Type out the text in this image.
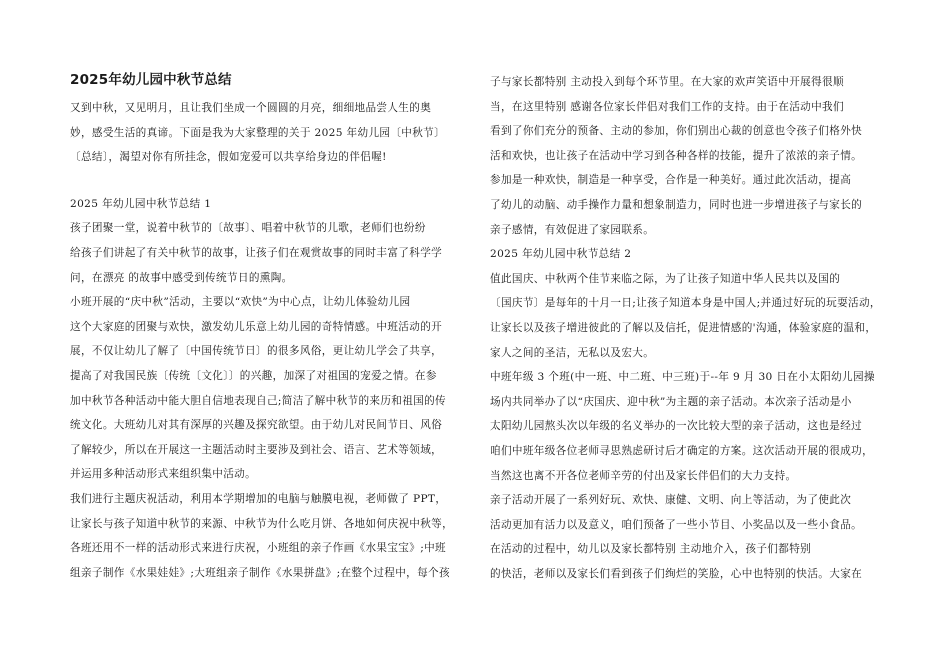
2025年幼儿园中秋节总结
又到中秋，又见明月，且让我们坐成一个圆圆的月亮，细细地品尝人生的奥
妙，感受生活的真谛。下面是我为大家整理的关于 2025 年幼儿园〔中秋节〕
〔总结〕，渴望对你有所挂念，假如宠爱可以共享给身边的伴侣喔!
2025 年幼儿园中秋节总结 1
孩子团聚一堂，说着中秋节的〔故事〕、唱着中秋节的儿歌，老师们也纷纷
给孩子们讲起了有关中秋节的故事，让孩子们在观赏故事的同时丰富了科学学
问，在漂亮 的故事中感受到传统节日的熏陶。
小班开展的“庆中秋”活动，主要以“欢快”为中心点，让幼儿体验幼儿园
这个大家庭的团聚与欢快，激发幼儿乐意上幼儿园的奇特情感。中班活动的开
展，不仅让幼儿了解了〔中国传统节日〕的很多风俗，更让幼儿学会了共享，
提高了对我国民族〔传统〔文化〕〕的兴趣，加深了对祖国的宠爱之情。在参
加中秋节各种活动中能大胆自信地表现自己;简洁了解中秋节的来历和祖国的传
统文化。大班幼儿对其有深厚的兴趣及探究欲望。由于幼儿对民间节日、风俗
了解较少，所以在开展这一主题活动时主要涉及到社会、语言、艺术等领域，
并运用多种活动形式来组织集中活动。
我们进行主题庆祝活动，利用本学期增加的电脑与触膜电视，老师做了 PPT，
让家长与孩子知道中秋节的来源、中秋节为什么吃月饼、各地如何庆祝中秋等，
各班还用不一样的活动形式来进行庆祝，小班组的亲子作画《水果宝宝》;中班
组亲子制作《水果娃娃》;大班组亲子制作《水果拼盘》;在整个过程中，每个孩
子与家长都特别 主动投入到每个环节里。在大家的欢声笑语中开展得很顺
当，在这里特别 感谢各位家长伴侣对我们工作的支持。由于在活动中我们
看到了你们充分的预备、主动的参加，你们别出心裁的创意也令孩子们格外快
活和欢快，也让孩子在活动中学习到各种各样的技能，提升了浓浓的亲子情。
参加是一种欢快，制造是一种享受，合作是一种美好。通过此次活动，提高
了幼儿的动脑、动手操作力量和想象制造力，同时也进一步增进孩子与家长的
亲子感情，有效促进了家园联系。
2025 年幼儿园中秋节总结 2
值此国庆、中秋两个佳节来临之际，为了让孩子知道中华人民共以及国的
〔国庆节〕是每年的十月一日;让孩子知道本身是中国人;并通过好玩的玩耍活动，
让家长以及孩子增进彼此的了解以及信托，促进情感的'沟通，体验家庭的温和，
家人之间的圣洁，无私以及宏大。
中班年级 3 个班(中一班、中二班、中三班)于--年 9 月 30 日在小太阳幼儿园操
场内共同举办了以“庆国庆、迎中秋”为主题的亲子活动。本次亲子活动是小
太阳幼儿园熬头次以年级的名义举办的一次比较大型的亲子活动，这也是经过
咱们中班年级各位老师寻思熟虑研讨后才确定的方案。这次活动开展的很成功，
当然这也离不开各位老师辛劳的付出及家长伴侣们的大力支持。
亲子活动开展了一系列好玩、欢快、康健、文明、向上等活动，为了使此次
活动更加有活力以及意义，咱们预备了一些小节目、小奖品以及一些小食品。
在活动的过程中，幼儿以及家长都特别 主动地介入，孩子们都特别
的快活，老师以及家长们看到孩子们绚烂的笑脸，心中也特别的快活。大家在
